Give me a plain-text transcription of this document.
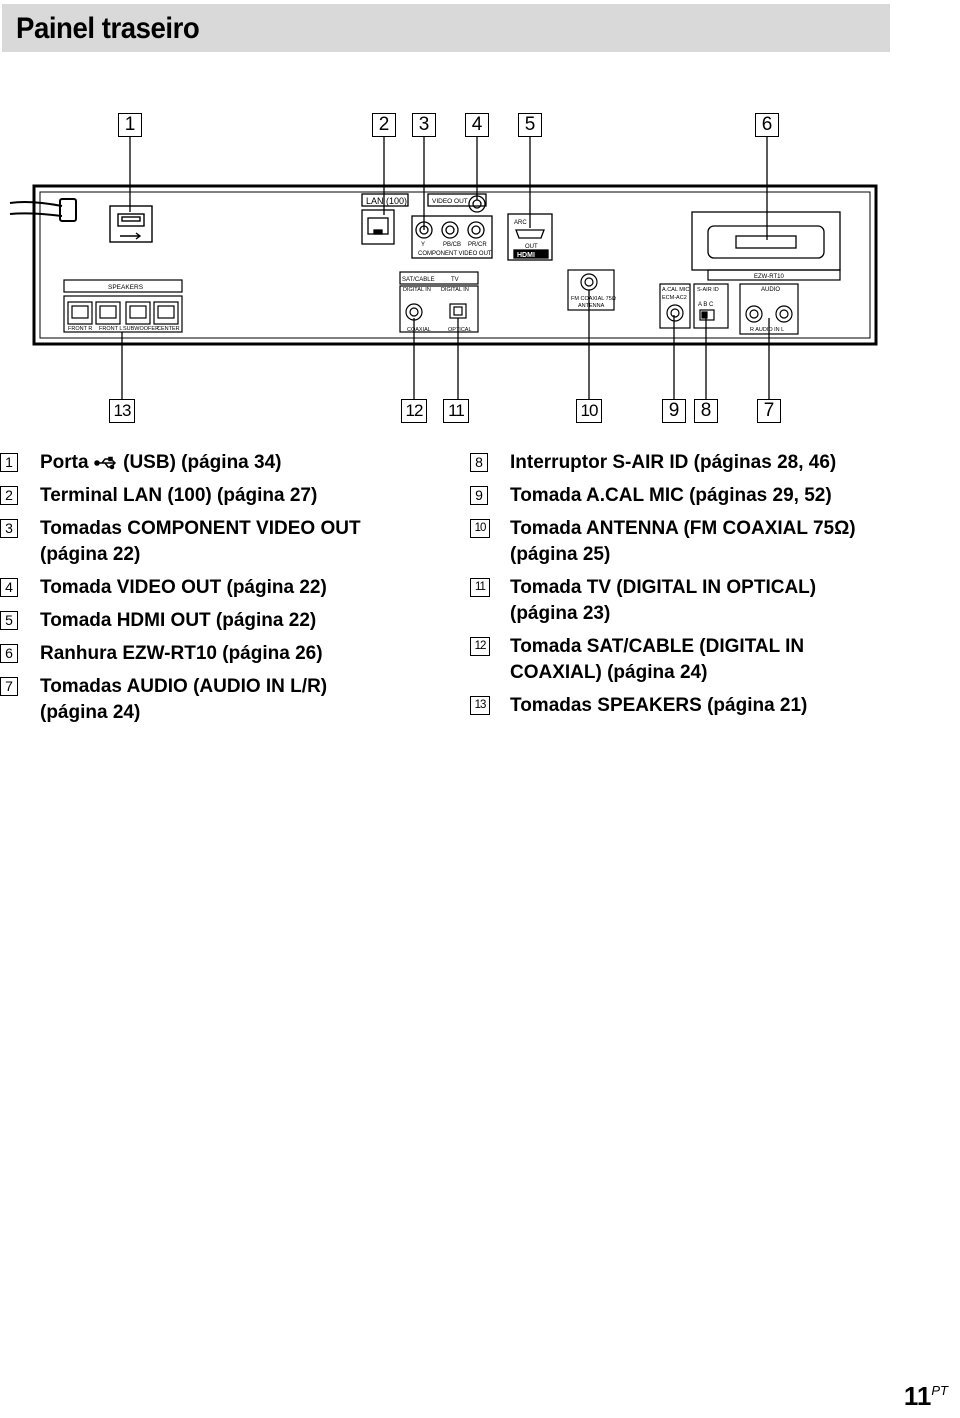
Painel traseiro
LAN (100)	VIDEO OUT
Y	PB/CB PR/CR
COMPONENT VIDEO OUT
ARC
OUT
HDMI
SPEAKERS
FRONT R FRONT L SUBWOOFER
CENTER
SAT/CABLE	TV
DIGITAL IN DIGITAL IN
COAXIAL	OPTICAL
FM COAXIAL 75Ω
ANTENNA
A.CAL MIC
ECM-AC2
S-AIR ID
A B C
EZW-RT10
AUDIO
R AUDIO IN L
1	2	3	4	5	6
13	12	11	10	9	8	7
1 Porta  (USB) (página 34)
2 Terminal LAN (100) (página 27)
3 Tomadas COMPONENT VIDEO OUT
(página 22)
4 Tomada VIDEO OUT (página 22)
5 Tomada HDMI OUT (página 22)
6 Ranhura EZW-RT10 (página 26)
7 Tomadas AUDIO (AUDIO IN L/R)
(página 24)
8 Interruptor S-AIR ID (páginas 28, 46)
9 Tomada A.CAL MIC (páginas 29, 52)
10 Tomada ANTENNA (FM COAXIAL 75Ω)
(página 25)
11 Tomada TV (DIGITAL IN OPTICAL)
(página 23)
12 Tomada SAT/CABLE (DIGITAL IN
COAXIAL) (página 24)
13 Tomadas SPEAKERS (página 21)
$11^{PT}$
